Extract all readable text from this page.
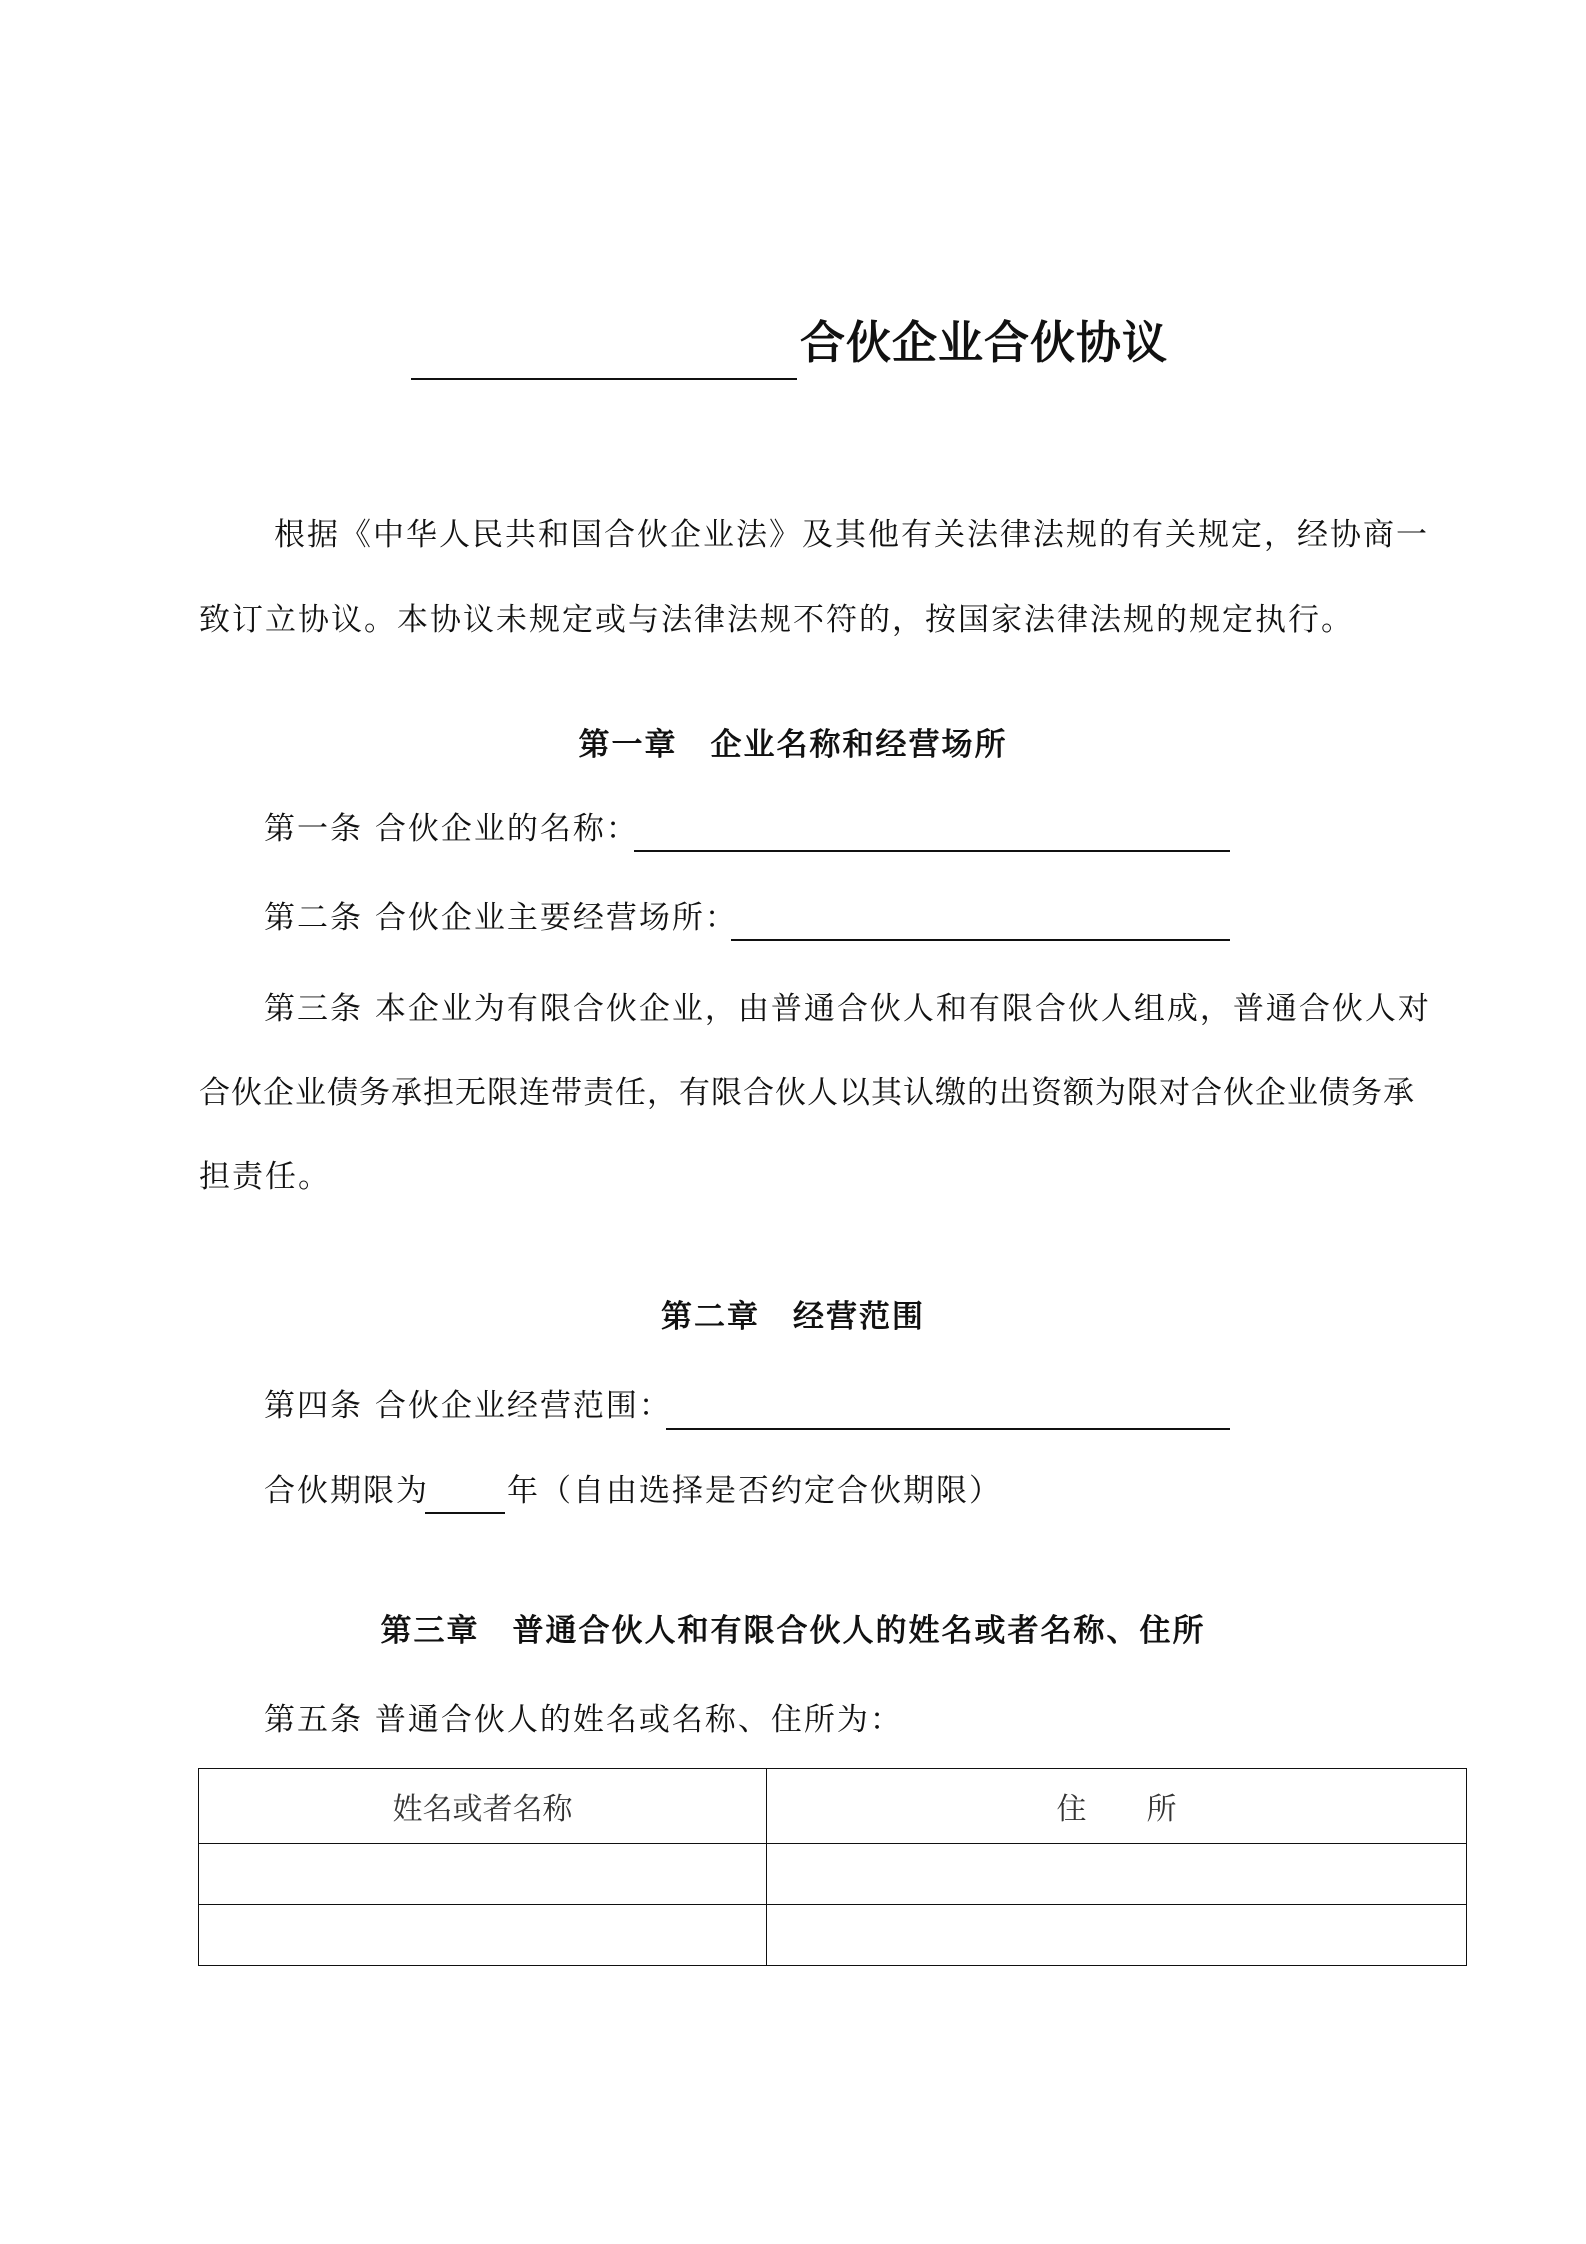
合伙企业合伙协议
根据《中华人民共和国合伙企业法》及其他有关法律法规的有关规定，经协商一
致订立协议。本协议未规定或与法律法规不符的，按国家法律法规的规定执行。
第一章　企业名称和经营场所
第一条 合伙企业的名称：
第二条 合伙企业主要经营场所：
第三条 本企业为有限合伙企业，由普通合伙人和有限合伙人组成，普通合伙人对
合伙企业债务承担无限连带责任，有限合伙人以其认缴的出资额为限对合伙企业债务承
担责任。
第二章　经营范围
第四条 合伙企业经营范围：
合伙期限为	年（自由选择是否约定合伙期限）
第三章　普通合伙人和有限合伙人的姓名或者名称、住所
第五条 普通合伙人的姓名或名称、住所为：
姓名或者名称	住　　所
